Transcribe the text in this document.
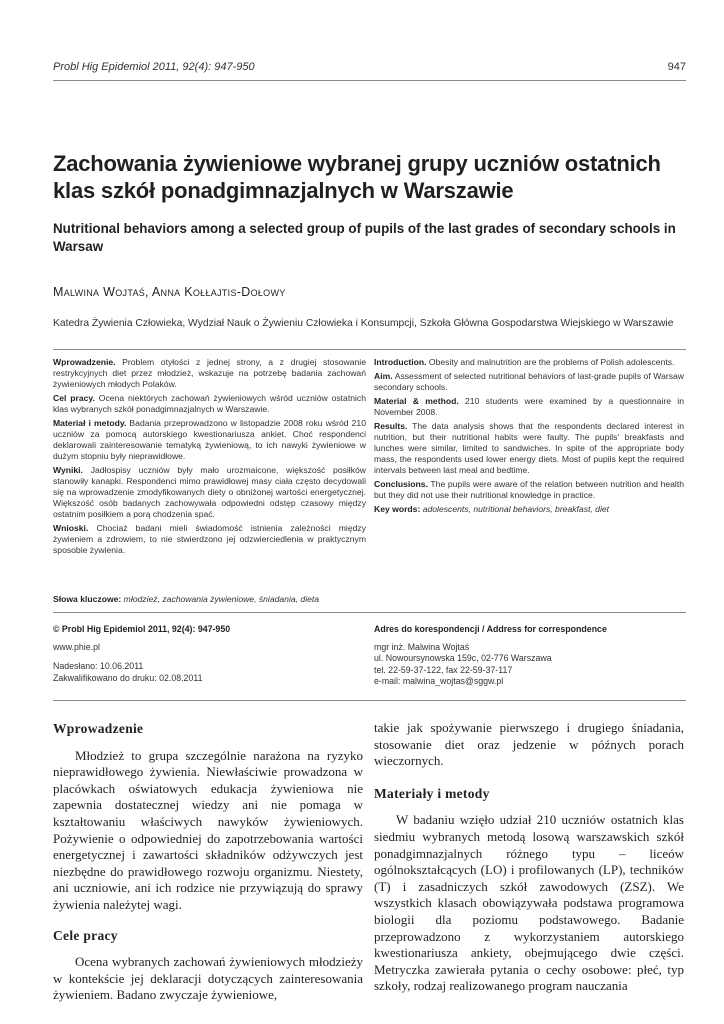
Probl Hig Epidemiol 2011, 92(4): 947-950	947
Zachowania żywieniowe wybranej grupy uczniów ostatnich klas szkół ponadgimnazjalnych w Warszawie
Nutritional behaviors among a selected group of pupils of the last grades of secondary schools in Warsaw
Malwina Wojtaś, Anna Kołłajtis-Dołowy
Katedra Żywienia Człowieka, Wydział Nauk o Żywieniu Człowieka i Konsumpcji, Szkoła Główna Gospodarstwa Wiejskiego w Warszawie

Wprowadzenie. Problem otyłości z jednej strony, a z drugiej stosowanie restrykcyjnych diet przez młodzież, wskazuje na potrzebę badania zachowań żywieniowych młodych Polaków.

Cel pracy. Ocena niektórych zachowań żywieniowych wśród uczniów ostatnich klas wybranych szkół ponadgimnazjalnych w Warszawie.

Materiał i metody. Badania przeprowadzono w listopadzie 2008 roku wśród 210 uczniów za pomocą autorskiego kwestionariusza ankiet. Choć respondenci deklarowali zainteresowanie tematyką żywieniową, to ich nawyki żywieniowe w dużym stopniu były nieprawidłowe.

Wyniki. Jadłospisy uczniów były mało urozmaicone, większość posiłków stanowiły kanapki. Respondenci mimo prawidłowej masy ciała często decydowali się na wprowadzenie zmodyfikowanych diety o obniżonej wartości energetycznej. Większość osób badanych zachowywała odpowiedni odstęp czasowy między ostatnim posiłkiem a porą chodzenia spać.

Wnioski. Chociaż badani mieli świadomość istnienia zależności między żywieniem a zdrowiem, to nie stwierdzono jej odzwierciedlenia w praktycznym sposobie żywienia.

Słowa kluczowe: młodzież, zachowania żywieniowe, śniadania, dieta

Introduction. Obesity and malnutrition are the problems of Polish adolescents.

Aim. Assessment of selected nutritional behaviors of last-grade pupils of Warsaw secondary schools.

Material & method. 210 students were examined by a questionnaire in November 2008.

Results. The data analysis shows that the respondents declared interest in nutrition, but their nutritional habits were faulty. The pupils' breakfasts and lunches were similar, limited to sandwiches. In spite of the appropriate body mass, the respondents used lower energy diets. Most of pupils kept the required intervals between last meal and bedtime.

Conclusions. The pupils were aware of the relation between nutrition and health but they did not use their nutritional knowledge in practice.

Key words: adolescents, nutritional behaviors, breakfast, diet

© Probl Hig Epidemiol 2011, 92(4): 947-950
www.phie.pl
Nadesłano: 10.06.2011
Zakwalifikowano do druku: 02.08.2011
Adres do korespondencji / Address for correspondence
mgr inż. Malwina Wojtaś
ul. Nowoursynowska 159c, 02-776 Warszawa
tel. 22-59-37-122, fax 22-59-37-117
e-mail: malwina_wojtas@sggw.pl
Wprowadzenie

Młodzież to grupa szczególnie narażona na ryzyko nieprawidłowego żywienia. Niewłaściwie prowadzona w placówkach oświatowych edukacja żywieniowa nie zapewnia dostatecznej wiedzy ani nie pomaga w kształtowaniu właściwych nawyków żywieniowych. Pożywienie o odpowiedniej do zapotrzebowania wartości energetycznej i zawartości składników odżywczych jest niezbędne do prawidłowego rozwoju organizmu. Niestety, ani uczniowie, ani ich rodzice nie przywiązują do sprawy żywienia należytej wagi.

Cele pracy

Ocena wybranych zachowań żywieniowych młodzieży w kontekście jej deklaracji dotyczących zainteresowania żywieniem. Badano zwyczaje żywieniowe,

takie jak spożywanie pierwszego i drugiego śniadania, stosowanie diet oraz jedzenie w późnych porach wieczornych.

Materiały i metody

W badaniu wzięło udział 210 uczniów ostatnich klas siedmiu wybranych metodą losową warszawskich szkół ponadgimnazjalnych różnego typu – liceów ogólnokształcących (LO) i profilowanych (LP), techników (T) i zasadniczych szkół zawodowych (ZSZ). We wszystkich klasach obowiązywała podstawa programowa biologii dla poziomu podstawowego. Badanie przeprowadzono z wykorzystaniem autorskiego kwestionariusza ankiety, obejmującego dwie części. Metryczka zawierała pytania o cechy osobowe: płeć, typ szkoły, rodzaj realizowanego program nauczania
